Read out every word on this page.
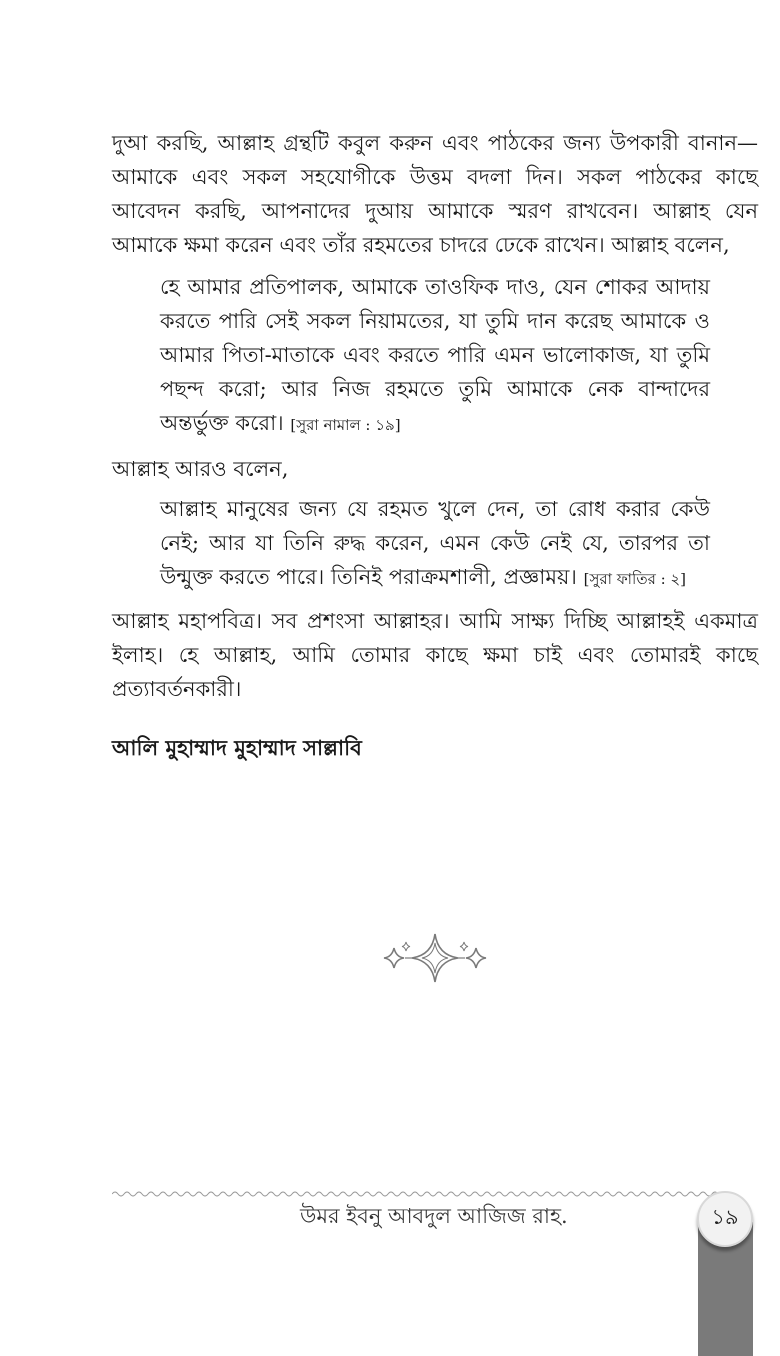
দুআ করছি, আল্লাহ গ্রন্থটি কবুল করুন এবং পাঠকের জন্য উপকারী বানান—আমাকে এবং সকল সহযোগীকে উত্তম বদলা দিন। সকল পাঠকের কাছে আবেদন করছি, আপনাদের দুআয় আমাকে স্মরণ রাখবেন। আল্লাহ যেন আমাকে ক্ষমা করেন এবং তাঁর রহমতের চাদরে ঢেকে রাখেন। আল্লাহ বলেন,

হে আমার প্রতিপালক, আমাকে তাওফিক দাও, যেন শোকর আদায় করতে পারি সেই সকল নিয়ামতের, যা তুমি দান করেছ আমাকে ও আমার পিতা-মাতাকে এবং করতে পারি এমন ভালোকাজ, যা তুমি পছন্দ করো; আর নিজ রহমতে তুমি আমাকে নেক বান্দাদের অন্তর্ভুক্ত করো। [সুরা নামাল : ১৯]

আল্লাহ আরও বলেন,

আল্লাহ মানুষের জন্য যে রহমত খুলে দেন, তা রোধ করার কেউ নেই; আর যা তিনি রুদ্ধ করেন, এমন কেউ নেই যে, তারপর তা উন্মুক্ত করতে পারে। তিনিই পরাক্রমশালী, প্রজ্ঞাময়। [সুরা ফাতির : ২]

আল্লাহ মহাপবিত্র। সব প্রশংসা আল্লাহর। আমি সাক্ষ্য দিচ্ছি আল্লাহই একমাত্র ইলাহ। হে আল্লাহ, আমি তোমার কাছে ক্ষমা চাই এবং তোমারই কাছে প্রত্যাবর্তনকারী।

আলি মুহাম্মাদ মুহাম্মাদ সাল্লাবি

উমর ইবনু আবদুল আজিজ রাহ.	১৯
